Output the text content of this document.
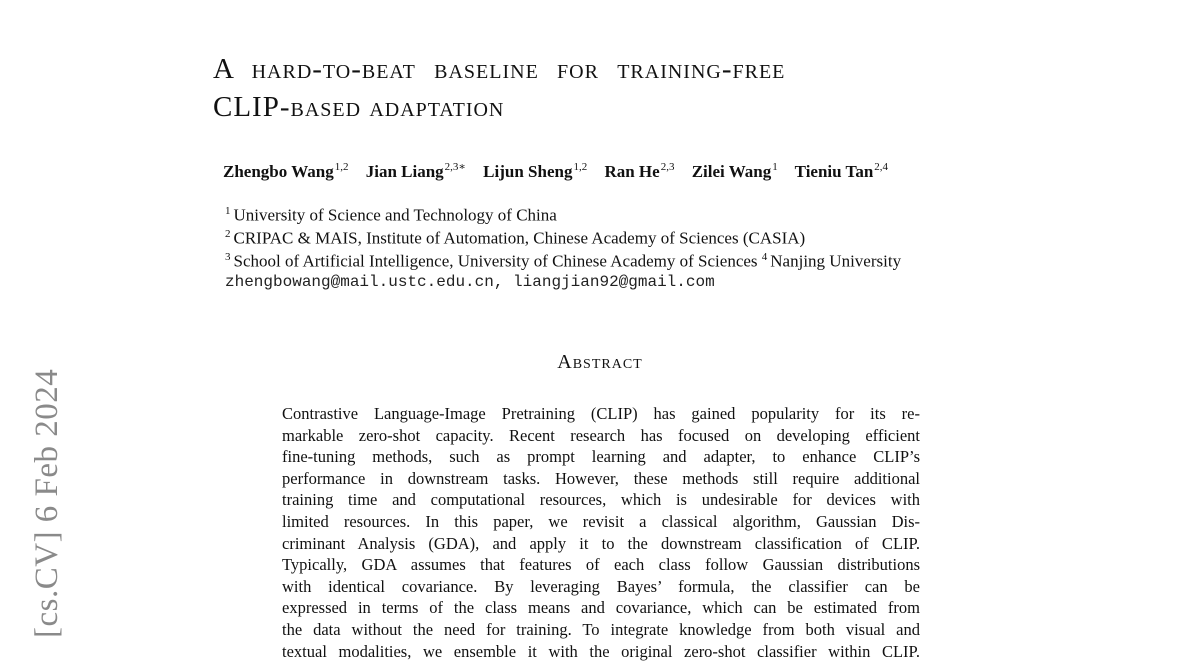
[cs.CV] 6 Feb 2024
A hard-to-beat baseline for training-free
CLIP-based adaptation
Zhengbo Wang$^{1,2}$ Jian Liang$^{2,3∗}$ Lijun Sheng$^{1,2}$ Ran He$^{2,3}$ Zilei Wang$^1$ Tieniu Tan$^{2,4}$
$^1$ University of Science and Technology of China
$^2$ CRIPAC & MAIS, Institute of Automation, Chinese Academy of Sciences (CASIA)
$^3$ School of Artificial Intelligence, University of Chinese Academy of Sciences $^4$ Nanjing University
zhengbowang@mail.ustc.edu.cn, liangjian92@gmail.com
Abstract
Contrastive Language-Image Pretraining (CLIP) has gained popularity for its re-
markable zero-shot capacity. Recent research has focused on developing efficient
fine-tuning methods, such as prompt learning and adapter, to enhance CLIP’s
performance in downstream tasks. However, these methods still require additional
training time and computational resources, which is undesirable for devices with
limited resources. In this paper, we revisit a classical algorithm, Gaussian Dis-
criminant Analysis (GDA), and apply it to the downstream classification of CLIP.
Typically, GDA assumes that features of each class follow Gaussian distributions
with identical covariance. By leveraging Bayes’ formula, the classifier can be
expressed in terms of the class means and covariance, which can be estimated from
the data without the need for training. To integrate knowledge from both visual and
textual modalities, we ensemble it with the original zero-shot classifier within CLIP.
